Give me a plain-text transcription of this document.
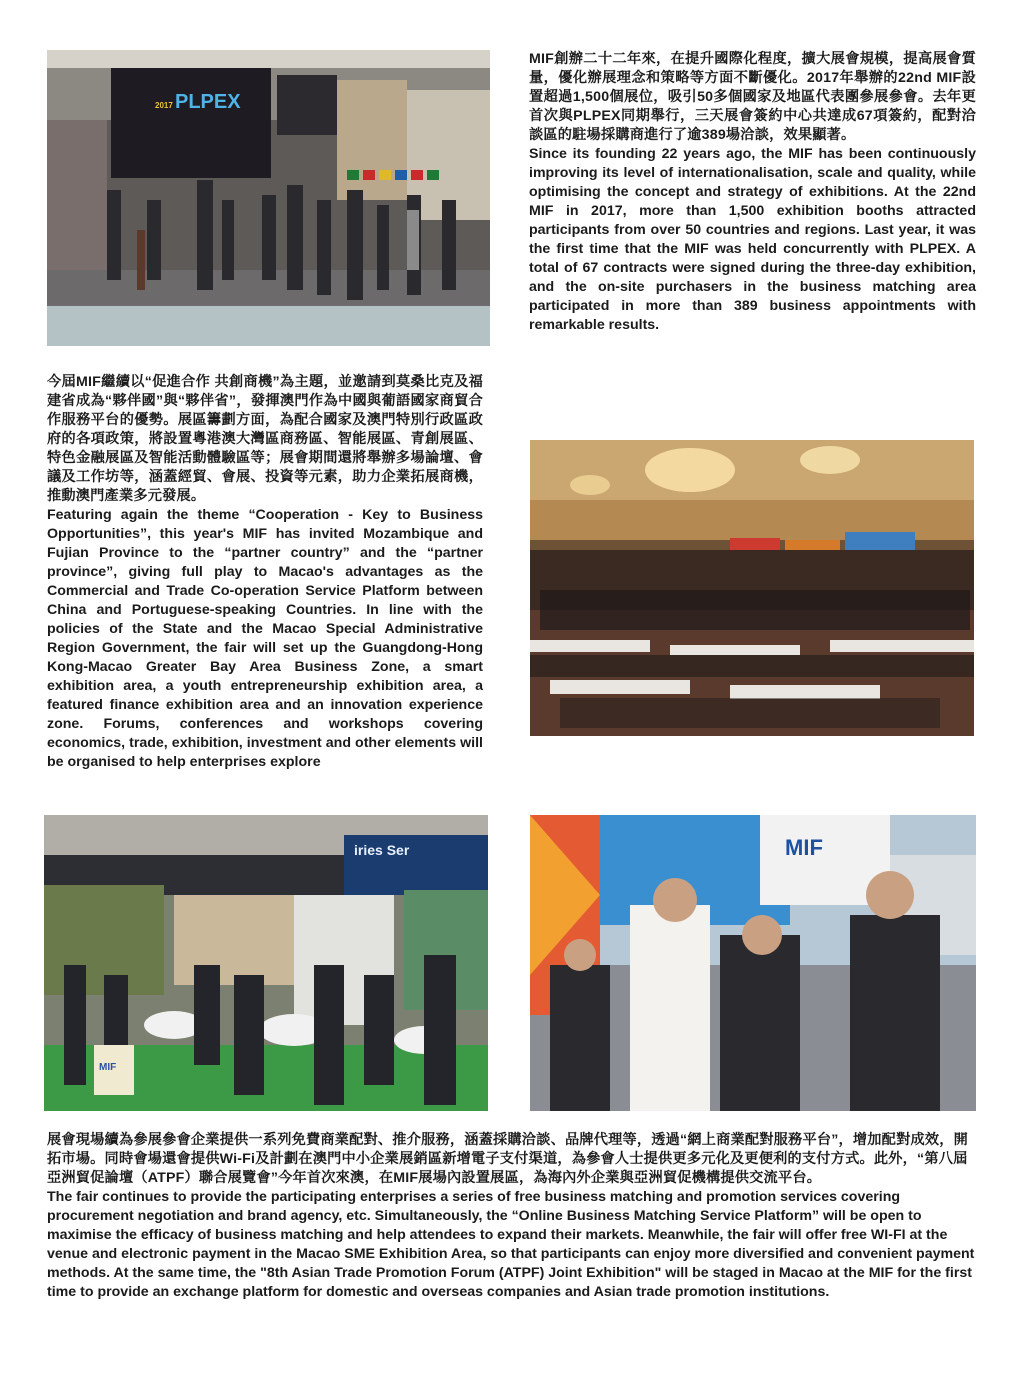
2017 PLPEX

MIF創辦二十二年來，在提升國際化程度，擴大展會規模，提高展會質量，優化辦展理念和策略等方面不斷優化。2017年舉辦的22nd MIF設置超過1,500個展位，吸引50多個國家及地區代表團參展參會。去年更首次與PLPEX同期舉行，三天展會簽約中心共達成67項簽約，配對洽談區的駐場採購商進行了逾389場洽談，效果顯著。

Since its founding 22 years ago, the MIF has been continuously improving its level of internationalisation, scale and quality, while optimising the concept and strategy of exhibitions. At the 22nd MIF in 2017, more than 1,500 exhibition booths attracted participants from over 50 countries and regions. Last year, it was the first time that the MIF was held concurrently with PLPEX. A total of 67 contracts were signed during the three-day exhibition, and the on-site purchasers in the business matching area participated in more than 389 business appointments with remarkable results.

今屆MIF繼續以“促進合作 共創商機”為主題，並邀請到莫桑比克及福建省成為“夥伴國”與“夥伴省”，發揮澳門作為中國與葡語國家商貿合作服務平台的優勢。展區籌劃方面，為配合國家及澳門特別行政區政府的各項政策，將設置粵港澳大灣區商務區、智能展區、青創展區、特色金融展區及智能活動體驗區等；展會期間還將舉辦多場論壇、會議及工作坊等，涵蓋經貿、會展、投資等元素，助力企業拓展商機，推動澳門產業多元發展。

Featuring again the theme “Cooperation - Key to Business Opportunities”, this year's MIF has invited Mozambique and Fujian Province to the “partner country” and the “partner province”, giving full play to Macao's advantages as the Commercial and Trade Co-operation Service Platform between China and Portuguese-speaking Countries. In line with the policies of the State and the Macao Special Administrative Region Government, the fair will set up the Guangdong-Hong Kong-Macao Greater Bay Area Business Zone, a smart exhibition area, a youth entrepreneurship exhibition area, a featured finance exhibition area and an innovation experience zone. Forums, conferences and workshops covering economics, trade, exhibition, investment and other elements will be organised to help enterprises explore

iries Ser
MIF
MIF

展會現場續為參展參會企業提供一系列免費商業配對、推介服務，涵蓋採購洽談、品牌代理等，透過“網上商業配對服務平台”，增加配對成效，開拓市場。同時會場還會提供Wi-Fi及計劃在澳門中小企業展銷區新增電子支付渠道，為參會人士提供更多元化及更便利的支付方式。此外，“第八屆亞洲貿促論壇（ATPF）聯合展覽會”今年首次來澳，在MIF展場內設置展區，為海內外企業與亞洲貿促機構提供交流平台。

The fair continues to provide the participating enterprises a series of free business matching and promotion services covering procurement negotiation and brand agency, etc. Simultaneously, the “Online Business Matching Service Platform” will be open to maximise the efficacy of business matching and help attendees to expand their markets. Meanwhile, the fair will offer free WI-FI at the venue and electronic payment in the Macao SME Exhibition Area, so that participants can enjoy more diversified and convenient payment methods. At the same time, the "8th Asian Trade Promotion Forum (ATPF) Joint Exhibition" will be staged in Macao at the MIF for the first time to provide an exchange platform for domestic and overseas companies and Asian trade promotion institutions.
